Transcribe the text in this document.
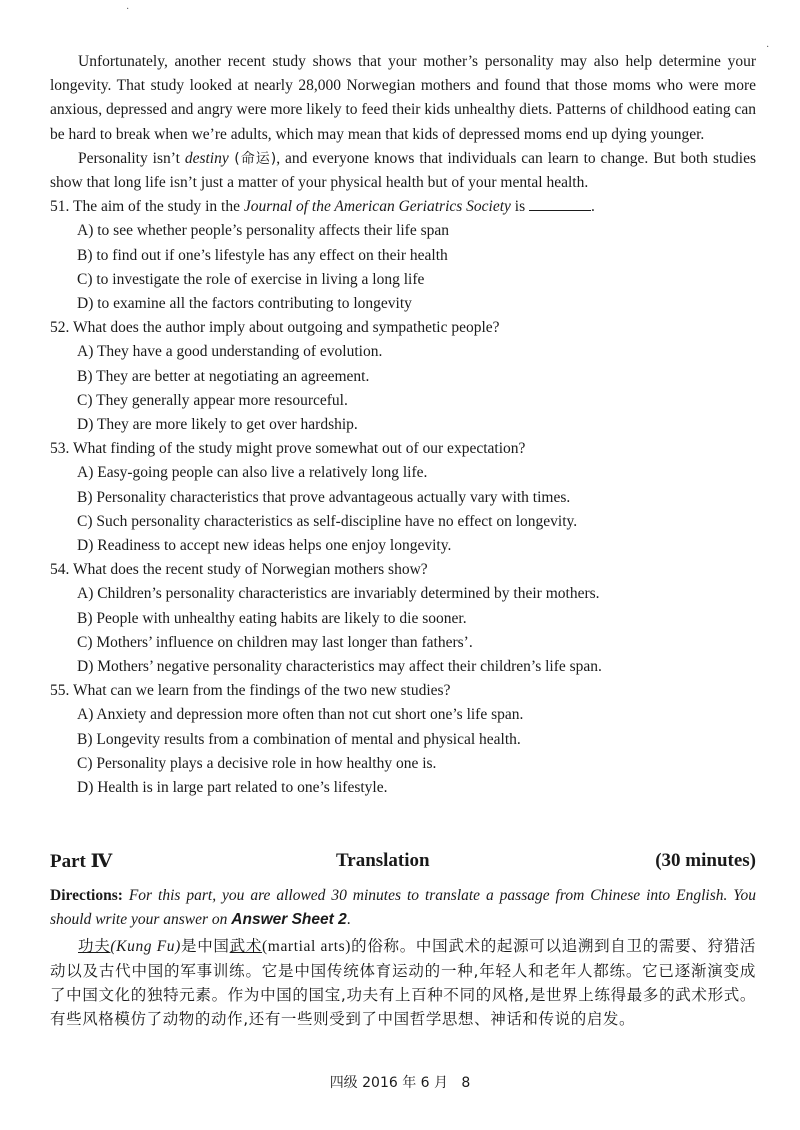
Unfortunately, another recent study shows that your mother’s personality may also help determine your longevity. That study looked at nearly 28,000 Norwegian mothers and found that those moms who were more anxious, depressed and angry were more likely to feed their kids unhealthy diets. Patterns of childhood eating can be hard to break when we’re adults, which may mean that kids of depressed moms end up dying younger.

Personality isn’t destiny (命运), and everyone knows that individuals can learn to change. But both studies show that long life isn’t just a matter of your physical health but of your mental health.

51. The aim of the study in the Journal of the American Geriatrics Society is	.

A) to see whether people’s personality affects their life span

B) to find out if one’s lifestyle has any effect on their health

C) to investigate the role of exercise in living a long life

D) to examine all the factors contributing to longevity

52. What does the author imply about outgoing and sympathetic people?

A) They have a good understanding of evolution.

B) They are better at negotiating an agreement.

C) They generally appear more resourceful.

D) They are more likely to get over hardship.

53. What finding of the study might prove somewhat out of our expectation?

A) Easy-going people can also live a relatively long life.

B) Personality characteristics that prove advantageous actually vary with times.

C) Such personality characteristics as self-discipline have no effect on longevity.

D) Readiness to accept new ideas helps one enjoy longevity.

54. What does the recent study of Norwegian mothers show?

A) Children’s personality characteristics are invariably determined by their mothers.

B) People with unhealthy eating habits are likely to die sooner.

C) Mothers’ influence on children may last longer than fathers’.

D) Mothers’ negative personality characteristics may affect their children’s life span.

55. What can we learn from the findings of the two new studies?

A) Anxiety and depression more often than not cut short one’s life span.

B) Longevity results from a combination of mental and physical health.

C) Personality plays a decisive role in how healthy one is.

D) Health is in large part related to one’s lifestyle.

Part Ⅳ	Translation	(30 minutes)

Directions: For this part, you are allowed 30 minutes to translate a passage from Chinese into English. You should write your answer on Answer Sheet 2.

功夫(Kung Fu)是中国武术(martial arts)的俗称。中国武术的起源可以追溯到自卫的需要、狩猎活动以及古代中国的军事训练。它是中国传统体育运动的一种,年轻人和老年人都练。它已逐渐演变成了中国文化的独特元素。作为中国的国宝,功夫有上百种不同的风格,是世界上练得最多的武术形式。有些风格模仿了动物的动作,还有一些则受到了中国哲学思想、神话和传说的启发。

四级 2016 年 6 月 8
·
·
